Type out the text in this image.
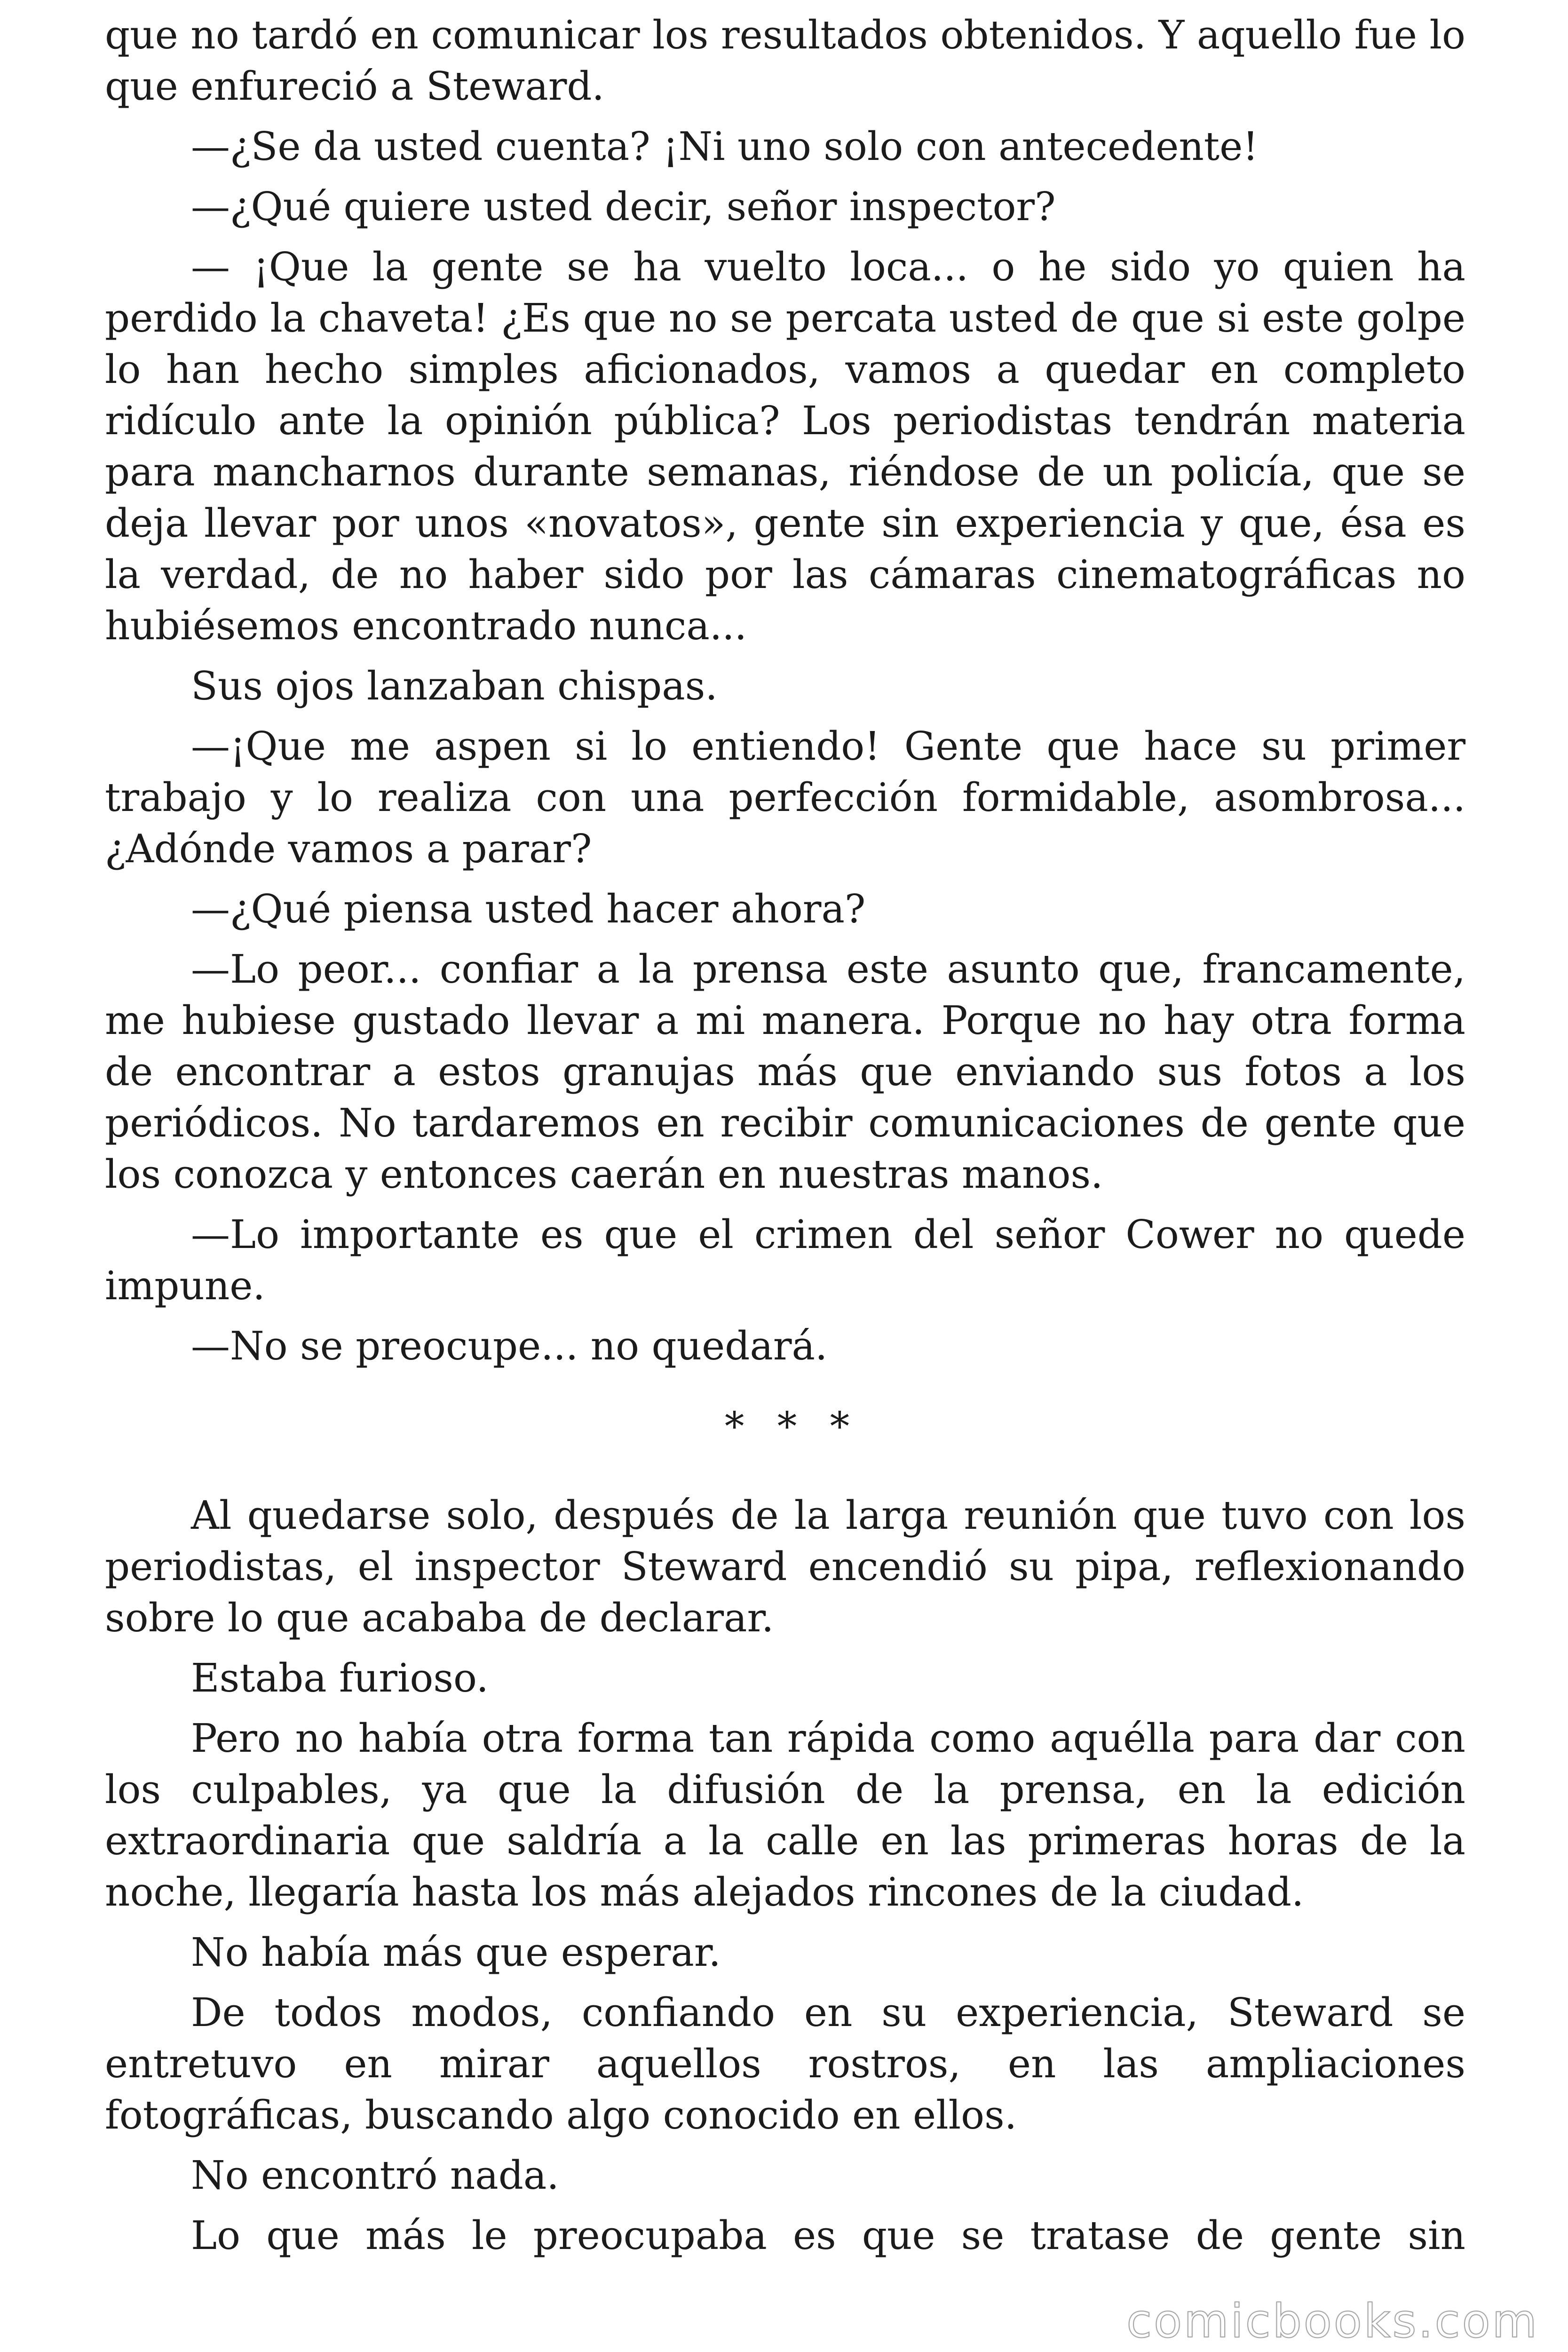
que no tardó en comunicar los resultados obtenidos. Y aquello fue lo que enfureció a Steward.

—¿Se da usted cuenta? ¡Ni uno solo con antecedente!

—¿Qué quiere usted decir, señor inspector?

— ¡Que la gente se ha vuelto loca... o he sido yo quien ha perdido la chaveta! ¿Es que no se percata usted de que si este golpe lo han hecho simples aficionados, vamos a quedar en completo ridículo ante la opinión pública? Los periodistas tendrán materia para mancharnos durante semanas, riéndose de un policía, que se deja llevar por unos «novatos», gente sin experiencia y que, ésa es la verdad, de no haber sido por las cámaras cinematográficas no hubiésemos encontrado nunca...

Sus ojos lanzaban chispas.

—¡Que me aspen si lo entiendo! Gente que hace su primer trabajo y lo realiza con una perfección formidable, asombrosa... ¿Adónde vamos a parar?

—¿Qué piensa usted hacer ahora?

—Lo peor... confiar a la prensa este asunto que, francamente, me hubiese gustado llevar a mi manera. Porque no hay otra forma de encontrar a estos granujas más que enviando sus fotos a los periódicos. No tardaremos en recibir comunicaciones de gente que los conozca y entonces caerán en nuestras manos.

—Lo importante es que el crimen del señor Cower no quede impune.

—No se preocupe... no quedará.

* * *

Al quedarse solo, después de la larga reunión que tuvo con los periodistas, el inspector Steward encendió su pipa, reflexionando sobre lo que acababa de declarar.

Estaba furioso.

Pero no había otra forma tan rápida como aquélla para dar con los culpables, ya que la difusión de la prensa, en la edición extraordinaria que saldría a la calle en las primeras horas de la noche, llegaría hasta los más alejados rincones de la ciudad.

No había más que esperar.

De todos modos, confiando en su experiencia, Steward se entretuvo en mirar aquellos rostros, en las ampliaciones fotográficas, buscando algo conocido en ellos.

No encontró nada.

Lo que más le preocupaba es que se tratase de gente sin

comicbooks.com
